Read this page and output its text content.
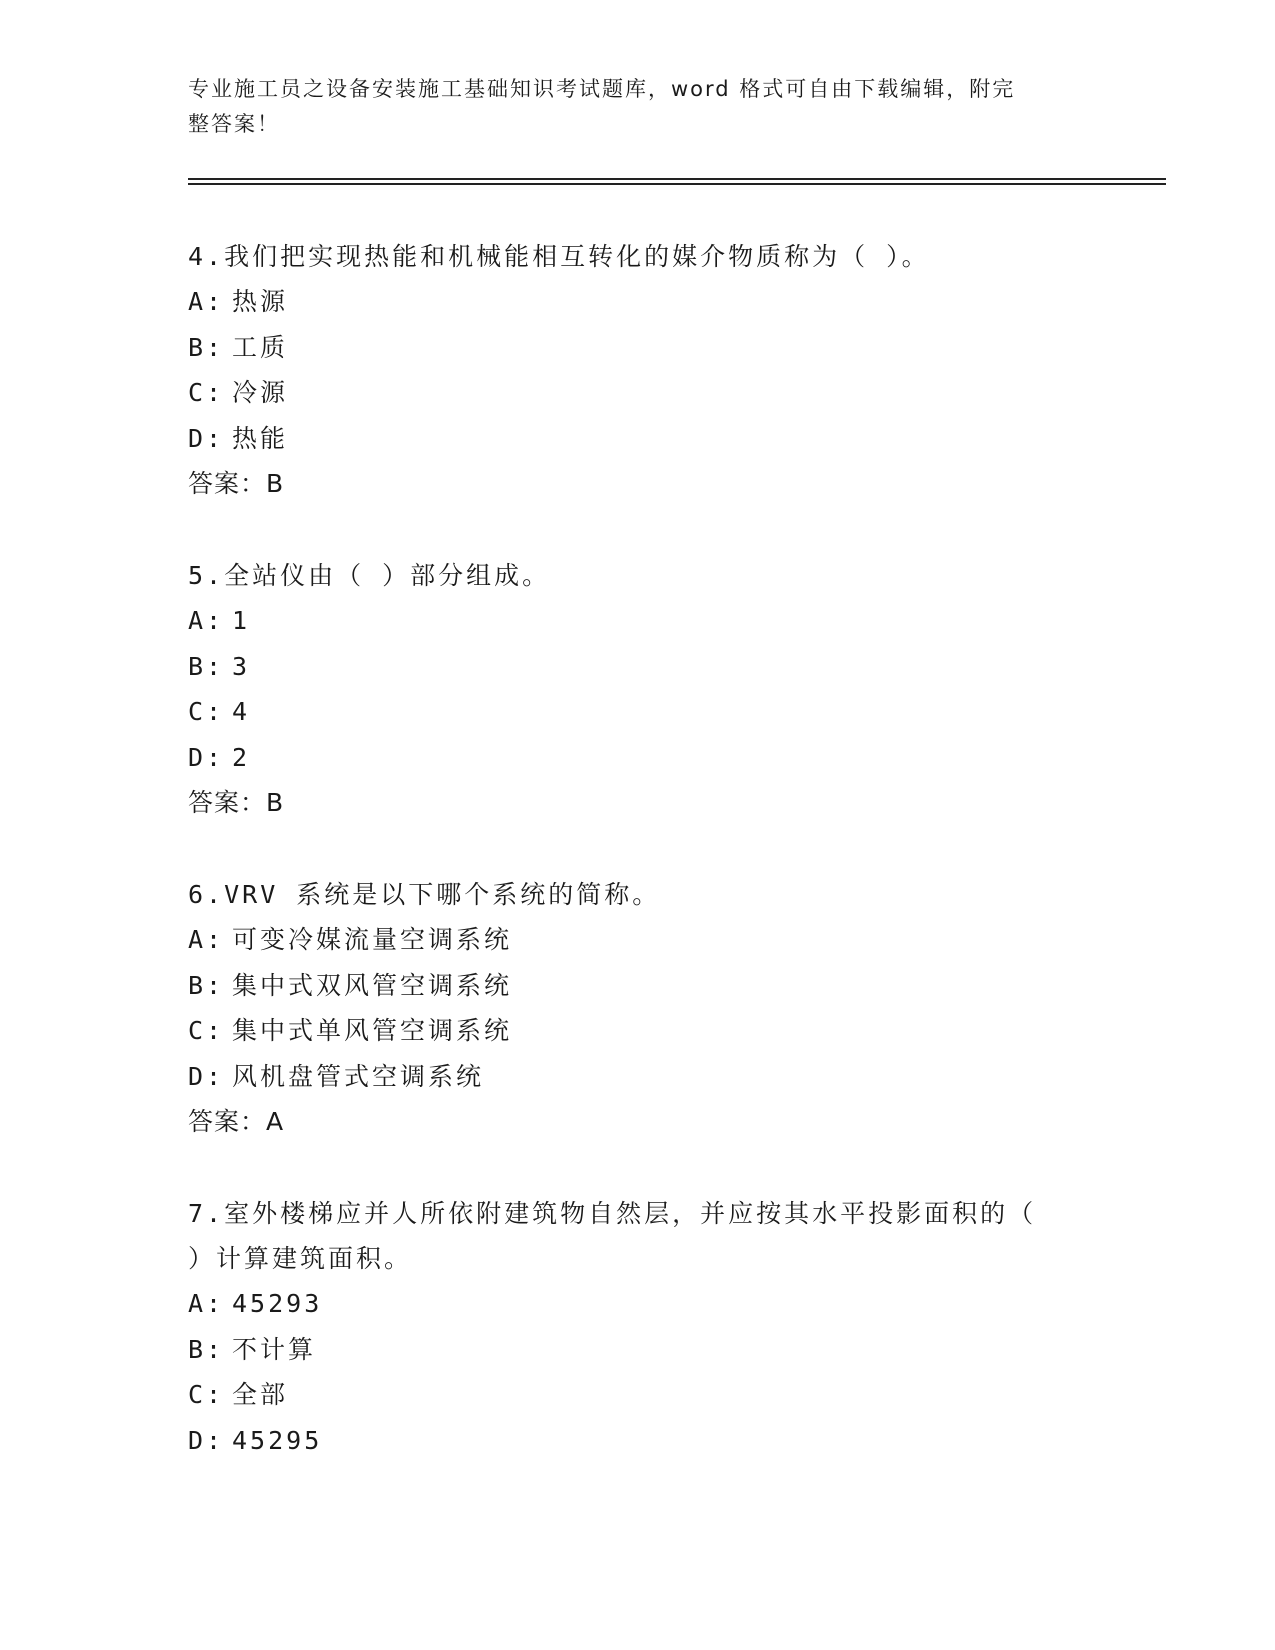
专业施工员之设备安装施工基础知识考试题库，word 格式可自由下载编辑，附完
整答案！
4.我们把实现热能和机械能相互转化的媒介物质称为（ ）。
A: 热源
B: 工质
C: 冷源
D: 热能
答案：B
5.全站仪由（ ）部分组成。
A: 1
B: 3
C: 4
D: 2
答案：B
6.VRV 系统是以下哪个系统的简称。
A: 可变冷媒流量空调系统
B: 集中式双风管空调系统
C: 集中式单风管空调系统
D: 风机盘管式空调系统
答案：A
7.室外楼梯应并人所依附建筑物自然层，并应按其水平投影面积的（
）计算建筑面积。
A: 45293
B: 不计算
C: 全部
D: 45295
